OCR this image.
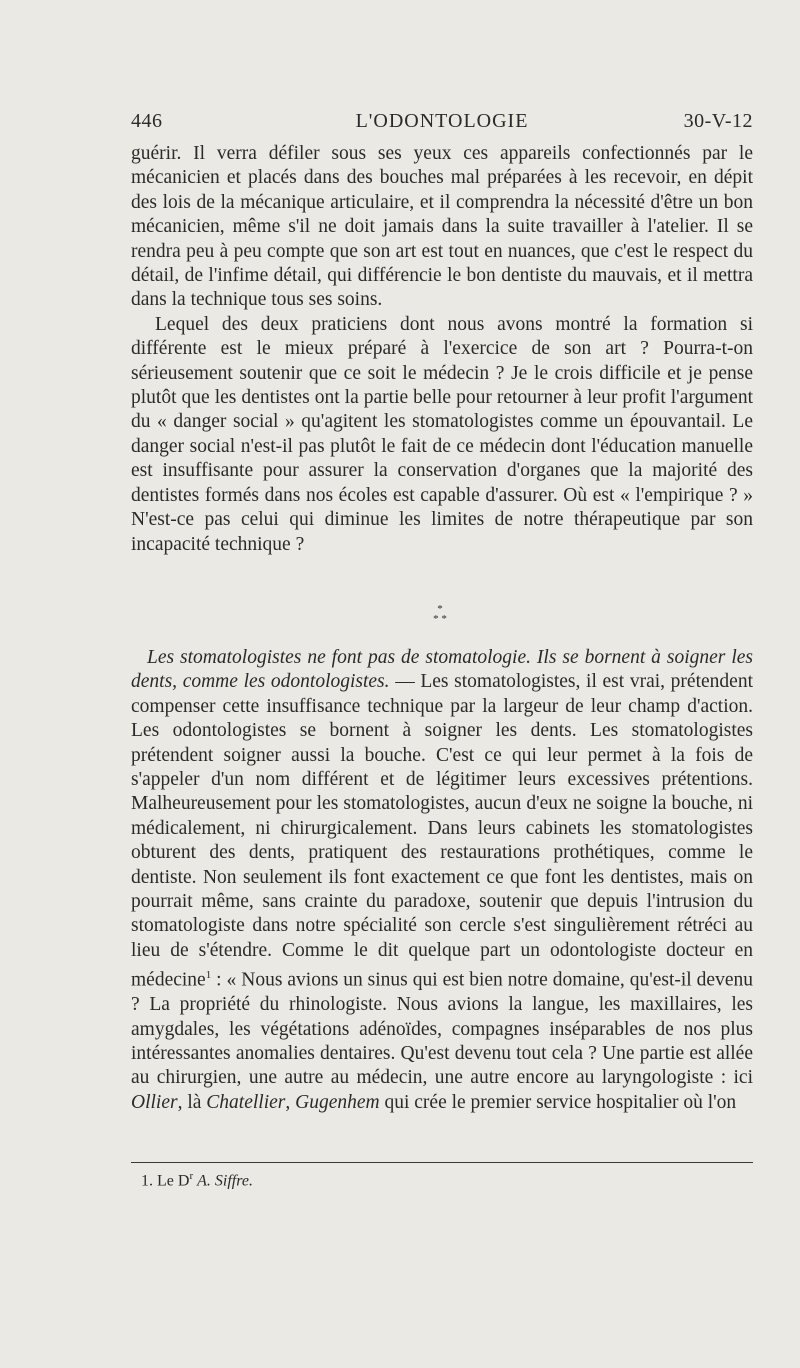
446	L'ODONTOLOGIE	30-V-12

guérir. Il verra défiler sous ses yeux ces appareils confectionnés par le mécanicien et placés dans des bouches mal préparées à les recevoir, en dépit des lois de la mécanique articulaire, et il comprendra la nécessité d'être un bon mécanicien, même s'il ne doit jamais dans la suite travailler à l'atelier. Il se rendra peu à peu compte que son art est tout en nuances, que c'est le respect du détail, de l'infime détail, qui différencie le bon dentiste du mauvais, et il mettra dans la technique tous ses soins.

Lequel des deux praticiens dont nous avons montré la formation si différente est le mieux préparé à l'exercice de son art ? Pourra-t-on sérieusement soutenir que ce soit le médecin ? Je le crois difficile et je pense plutôt que les dentistes ont la partie belle pour retourner à leur profit l'argument du « danger social » qu'agitent les stomatologistes comme un épouvantail. Le danger social n'est-il pas plutôt le fait de ce médecin dont l'éducation manuelle est insuffisante pour assurer la conservation d'organes que la majorité des dentistes formés dans nos écoles est capable d'assurer. Où est « l'empirique ? » N'est-ce pas celui qui diminue les limites de notre thérapeutique par son incapacité technique ?

*
* *

Les stomatologistes ne font pas de stomatologie. Ils se bornent à soigner les dents, comme les odontologistes. — Les stomatologistes, il est vrai, prétendent compenser cette insuffisance technique par la largeur de leur champ d'action. Les odontologistes se bornent à soigner les dents. Les stomatologistes prétendent soigner aussi la bouche. C'est ce qui leur permet à la fois de s'appeler d'un nom différent et de légitimer leurs excessives prétentions. Malheureusement pour les stomatologistes, aucun d'eux ne soigne la bouche, ni médicalement, ni chirurgicalement. Dans leurs cabinets les stomatologistes obturent des dents, pratiquent des restaurations prothétiques, comme le dentiste. Non seulement ils font exactement ce que font les dentistes, mais on pourrait même, sans crainte du paradoxe, soutenir que depuis l'intrusion du stomatologiste dans notre spécialité son cercle s'est singulièrement rétréci au lieu de s'étendre. Comme le dit quelque part un odontologiste docteur en médecine$^1$ : « Nous avions un sinus qui est bien notre domaine, qu'est-il devenu ? La propriété du rhinologiste. Nous avions la langue, les maxillaires, les amygdales, les végétations adénoïdes, compagnes inséparables de nos plus intéressantes anomalies dentaires. Qu'est devenu tout cela ? Une partie est allée au chirurgien, une autre au médecin, une autre encore au laryngologiste : ici Ollier, là Chatellier, Gugenhem qui crée le premier service hospitalier où l'on

1. Le $D^r$ A. Siffre.
